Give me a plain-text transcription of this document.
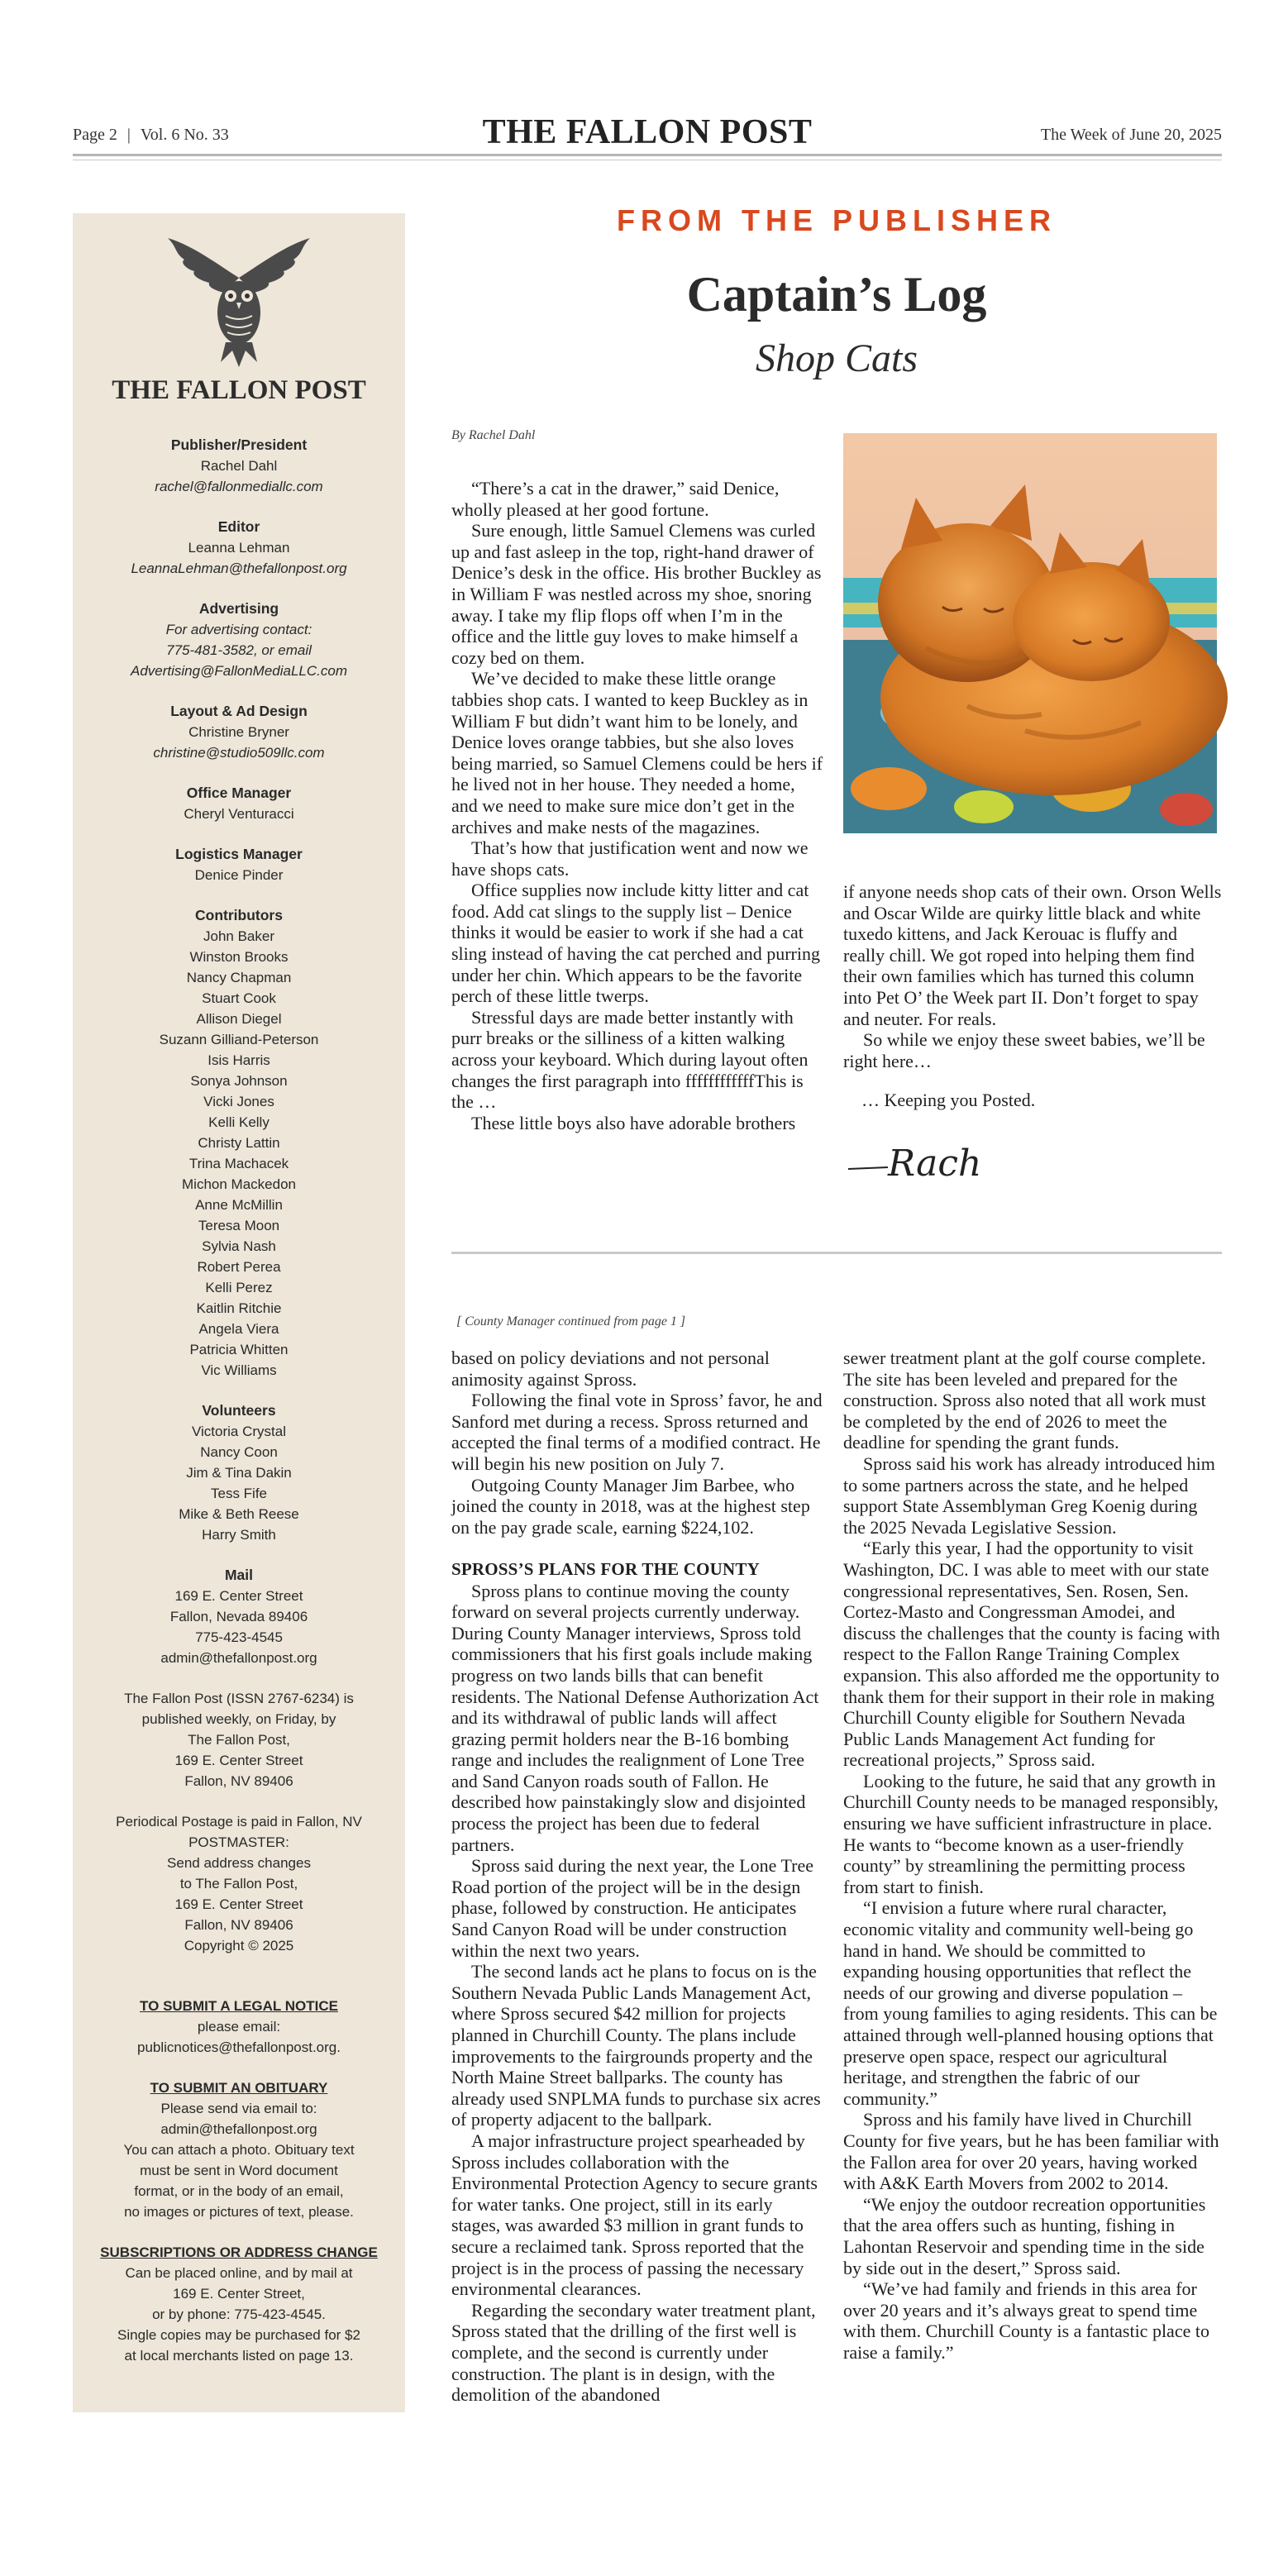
Page 2 | Vol. 6 No. 33	THE FALLON POST	The Week of June 20, 2025
THE FALLON POST
Publisher/President
Rachel Dahl
rachel@fallonmediallc.com
Editor
Leanna Lehman
LeannaLehman@thefallonpost.org
Advertising
For advertising contact:
775-481-3582, or email
Advertising@FallonMediaLLC.com
Layout & Ad Design
Christine Bryner
christine@studio509llc.com
Office Manager
Cheryl Venturacci
Logistics Manager
Denice Pinder
Contributors
John Baker
Winston Brooks
Nancy Chapman
Stuart Cook
Allison Diegel
Suzann Gilliand-Peterson
Isis Harris
Sonya Johnson
Vicki Jones
Kelli Kelly
Christy Lattin
Trina Machacek
Michon Mackedon
Anne McMillin
Teresa Moon
Sylvia Nash
Robert Perea
Kelli Perez
Kaitlin Ritchie
Angela Viera
Patricia Whitten
Vic Williams
Volunteers
Victoria Crystal
Nancy Coon
Jim & Tina Dakin
Tess Fife
Mike & Beth Reese
Harry Smith
Mail
169 E. Center Street
Fallon, Nevada 89406
775-423-4545
admin@thefallonpost.org
The Fallon Post (ISSN 2767-6234) is
published weekly, on Friday, by
The Fallon Post,
169 E. Center Street
Fallon, NV 89406
Periodical Postage is paid in Fallon, NV
POSTMASTER:
Send address changes
to The Fallon Post,
169 E. Center Street
Fallon, NV 89406
Copyright © 2025
TO SUBMIT A LEGAL NOTICE
please email:
publicnotices@thefallonpost.org.
TO SUBMIT AN OBITUARY
Please send via email to:
admin@thefallonpost.org
You can attach a photo. Obituary text
must be sent in Word document
format, or in the body of an email,
no images or pictures of text, please.
SUBSCRIPTIONS OR ADDRESS CHANGE
Can be placed online, and by mail at
169 E. Center Street,
or by phone: 775-423-4545.
Single copies may be purchased for $2
at local merchants listed on page 13.
FROM THE PUBLISHER
Captain’s Log
Shop Cats
By Rachel Dahl

“There’s a cat in the drawer,” said Denice, wholly pleased at her good fortune.

Sure enough, little Samuel Clemens was curled up and fast asleep in the top, right-hand drawer of Denice’s desk in the office. His brother Buckley as in William F was nestled across my shoe, snoring away. I take my flip flops off when I’m in the office and the little guy loves to make himself a cozy bed on them.

We’ve decided to make these little orange tabbies shop cats. I wanted to keep Buckley as in William F but didn’t want him to be lonely, and Denice loves orange tabbies, but she also loves being married, so Samuel Clemens could be hers if he lived not in her house. They needed a home, and we need to make sure mice don’t get in the archives and make nests of the magazines.

That’s how that justification went and now we have shops cats.

Office supplies now include kitty litter and cat food. Add cat slings to the supply list – Denice thinks it would be easier to work if she had a cat sling instead of having the cat perched and purring under her chin. Which appears to be the favorite perch of these little twerps.

Stressful days are made better instantly with purr breaks or the silliness of a kitten walking across your keyboard. Which during layout often changes the first paragraph into ffffffffffffThis is the …

These little boys also have adorable brothers

if anyone needs shop cats of their own. Orson Wells and Oscar Wilde are quirky little black and white tuxedo kittens, and Jack Kerouac is fluffy and really chill. We got roped into helping them find their own families which has turned this column into Pet O’ the Week part II. Don’t forget to spay and neuter. For reals.

So while we enjoy these sweet babies, we’ll be right here…

… Keeping you Posted.
Rach
[ County Manager continued from page 1 ]

based on policy deviations and not personal animosity against Spross.

Following the final vote in Spross’ favor, he and Sanford met during a recess. Spross returned and accepted the final terms of a modified contract. He will begin his new position on July 7.

Outgoing County Manager Jim Barbee, who joined the county in 2018, was at the highest step on the pay grade scale, earning $224,102.

SPROSS’S PLANS FOR THE COUNTY

Spross plans to continue moving the county forward on several projects currently underway. During County Manager interviews, Spross told commissioners that his first goals include making progress on two lands bills that can benefit residents. The National Defense Authorization Act and its withdrawal of public lands will affect grazing permit holders near the B-16 bombing range and includes the realignment of Lone Tree and Sand Canyon roads south of Fallon. He described how painstakingly slow and disjointed process the project has been due to federal partners.

Spross said during the next year, the Lone Tree Road portion of the project will be in the design phase, followed by construction. He anticipates Sand Canyon Road will be under construction within the next two years.

The second lands act he plans to focus on is the Southern Nevada Public Lands Management Act, where Spross secured $42 million for projects planned in Churchill County. The plans include improvements to the fairgrounds property and the North Maine Street ballparks. The county has already used SNPLMA funds to purchase six acres of property adjacent to the ballpark.

A major infrastructure project spearheaded by Spross includes collaboration with the Environmental Protection Agency to secure grants for water tanks. One project, still in its early stages, was awarded $3 million in grant funds to secure a reclaimed tank. Spross reported that the project is in the process of passing the necessary environmental clearances.

Regarding the secondary water treatment plant, Spross stated that the drilling of the first well is complete, and the second is currently under construction. The plant is in design, with the demolition of the abandoned

sewer treatment plant at the golf course complete. The site has been leveled and prepared for the construction. Spross also noted that all work must be completed by the end of 2026 to meet the deadline for spending the grant funds.

Spross said his work has already introduced him to some partners across the state, and he helped support State Assemblyman Greg Koenig during the 2025 Nevada Legislative Session.

“Early this year, I had the opportunity to visit Washington, DC. I was able to meet with our state congressional representatives, Sen. Rosen, Sen. Cortez-Masto and Congressman Amodei, and discuss the challenges that the county is facing with respect to the Fallon Range Training Complex expansion. This also afforded me the opportunity to thank them for their support in their role in making Churchill County eligible for Southern Nevada Public Lands Management Act funding for recreational projects,” Spross said.

Looking to the future, he said that any growth in Churchill County needs to be managed responsibly, ensuring we have sufficient infrastructure in place. He wants to “become known as a user-friendly county” by streamlining the permitting process from start to finish.

“I envision a future where rural character, economic vitality and community well-being go hand in hand. We should be committed to expanding housing opportunities that reflect the needs of our growing and diverse population – from young families to aging residents. This can be attained through well-planned housing options that preserve open space, respect our agricultural heritage, and strengthen the fabric of our community.”

Spross and his family have lived in Churchill County for five years, but he has been familiar with the Fallon area for over 20 years, having worked with A&K Earth Movers from 2002 to 2014.

“We enjoy the outdoor recreation opportunities that the area offers such as hunting, fishing in Lahontan Reservoir and spending time in the side by side out in the desert,” Spross said.

“We’ve had family and friends in this area for over 20 years and it’s always great to spend time with them. Churchill County is a fantastic place to raise a family.”
